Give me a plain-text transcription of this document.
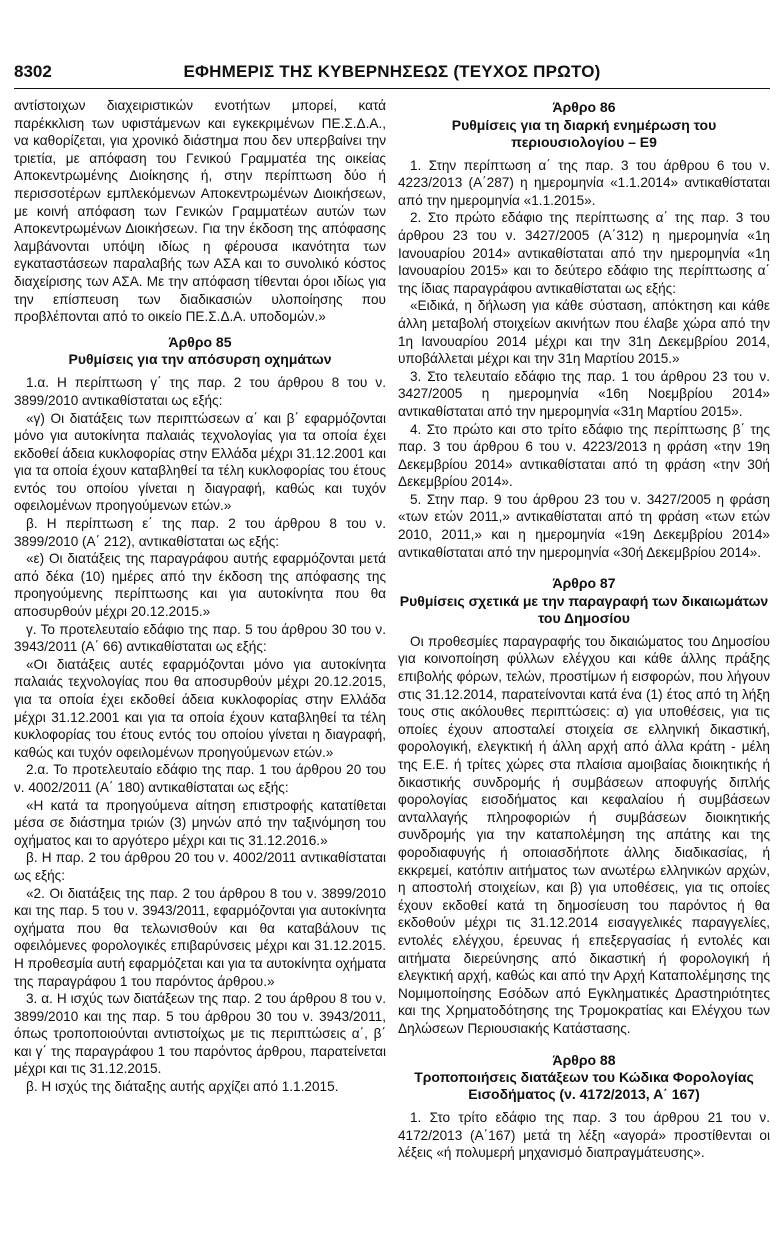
8302	ΕΦΗΜΕΡΙΣ ΤΗΣ ΚΥΒΕΡΝΗΣΕΩΣ (ΤΕΥΧΟΣ ΠΡΩΤΟ)

αντίστοιχων διαχειριστικών ενοτήτων μπορεί, κατά παρέκκλιση των υφιστάμενων και εγκεκριμένων ΠΕ.Σ.Δ.Α., να καθορίζεται, για χρονικό διάστημα που δεν υπερβαίνει την τριετία, με απόφαση του Γενικού Γραμματέα της οικείας Αποκεντρωμένης Διοίκησης ή, στην περίπτωση δύο ή περισσοτέρων εμπλεκόμενων Αποκεντρωμένων Διοικήσεων, με κοινή απόφαση των Γενικών Γραμματέων αυτών των Αποκεντρωμένων Διοικήσεων. Για την έκδοση της απόφασης λαμβάνονται υπόψη ιδίως η φέρουσα ικανότητα των εγκαταστάσεων παραλαβής των ΑΣΑ και το συνολικό κόστος διαχείρισης των ΑΣΑ. Με την απόφαση τίθενται όροι ιδίως για την επίσπευση των διαδικασιών υλοποίησης που προβλέπονται από το οικείο ΠΕ.Σ.Δ.Α. υποδομών.»

Άρθρο 85
Ρυθμίσεις για την απόσυρση οχημάτων

1.α. Η περίπτωση γ΄ της παρ. 2 του άρθρου 8 του ν. 3899/2010 αντικαθίσταται ως εξής:

«γ) Οι διατάξεις των περιπτώσεων α΄ και β΄ εφαρμόζονται μόνο για αυτοκίνητα παλαιάς τεχνολογίας για τα οποία έχει εκδοθεί άδεια κυκλοφορίας στην Ελλάδα μέχρι 31.12.2001 και για τα οποία έχουν καταβληθεί τα τέλη κυκλοφορίας του έτους εντός του οποίου γίνεται η διαγραφή, καθώς και τυχόν οφειλομένων προηγούμενων ετών.»

β. Η περίπτωση ε΄ της παρ. 2 του άρθρου 8 του ν. 3899/2010 (Α΄ 212), αντικαθίσταται ως εξής:

«ε) Οι διατάξεις της παραγράφου αυτής εφαρμόζονται μετά από δέκα (10) ημέρες από την έκδοση της απόφασης της προηγούμενης περίπτωσης και για αυτοκίνητα που θα αποσυρθούν μέχρι 20.12.2015.»

γ. Το προτελευταίο εδάφιο της παρ. 5 του άρθρου 30 του ν. 3943/2011 (Α΄ 66) αντικαθίσταται ως εξής:

«Οι διατάξεις αυτές εφαρμόζονται μόνο για αυτοκίνητα παλαιάς τεχνολογίας που θα αποσυρθούν μέχρι 20.12.2015, για τα οποία έχει εκδοθεί άδεια κυκλοφορίας στην Ελλάδα μέχρι 31.12.2001 και για τα οποία έχουν καταβληθεί τα τέλη κυκλοφορίας του έτους εντός του οποίου γίνεται η διαγραφή, καθώς και τυχόν οφειλομένων προηγούμενων ετών.»

2.α. Το προτελευταίο εδάφιο της παρ. 1 του άρθρου 20 του ν. 4002/2011 (Α΄ 180) αντικαθίσταται ως εξής:

«Η κατά τα προηγούμενα αίτηση επιστροφής κατατίθεται μέσα σε διάστημα τριών (3) μηνών από την ταξινόμηση του οχήματος και το αργότερο μέχρι και τις 31.12.2016.»

β. Η παρ. 2 του άρθρου 20 του ν. 4002/2011 αντικαθίσταται ως εξής:

«2. Οι διατάξεις της παρ. 2 του άρθρου 8 του ν. 3899/2010 και της παρ. 5 του ν. 3943/2011, εφαρμόζονται για αυτοκίνητα οχήματα που θα τελωνισθούν και θα καταβάλουν τις οφειλόμενες φορολογικές επιβαρύνσεις μέχρι και 31.12.2015. Η προθεσμία αυτή εφαρμόζεται και για τα αυτοκίνητα οχήματα της παραγράφου 1 του παρόντος άρθρου.»

3. α. Η ισχύς των διατάξεων της παρ. 2 του άρθρου 8 του ν. 3899/2010 και της παρ. 5 του άρθρου 30 του ν. 3943/2011, όπως τροποποιούνται αντιστοίχως με τις περιπτώσεις α΄, β΄ και γ΄ της παραγράφου 1 του παρόντος άρθρου, παρατείνεται μέχρι και τις 31.12.2015.

β. Η ισχύς της διάταξης αυτής αρχίζει από 1.1.2015.

Άρθρο 86
Ρυθμίσεις για τη διαρκή ενημέρωση του περιουσιολογίου – Ε9

1. Στην περίπτωση α΄ της παρ. 3 του άρθρου 6 του ν. 4223/2013 (Α΄287) η ημερομηνία «1.1.2014» αντικαθίσταται από την ημερομηνία «1.1.2015».

2. Στο πρώτο εδάφιο της περίπτωσης α΄ της παρ. 3 του άρθρου 23 του ν. 3427/2005 (Α΄312) η ημερομηνία «1η Ιανουαρίου 2014» αντικαθίσταται από την ημερομηνία «1η Ιανουαρίου 2015» και το δεύτερο εδάφιο της περίπτωσης α΄ της ίδιας παραγράφου αντικαθίσταται ως εξής:

«Ειδικά, η δήλωση για κάθε σύσταση, απόκτηση και κάθε άλλη μεταβολή στοιχείων ακινήτων που έλαβε χώρα από την 1η Ιανουαρίου 2014 μέχρι και την 31η Δεκεμβρίου 2014, υποβάλλεται μέχρι και την 31η Μαρτίου 2015.»

3. Στο τελευταίο εδάφιο της παρ. 1 του άρθρου 23 του ν. 3427/2005 η ημερομηνία «16η Νοεμβρίου 2014» αντικαθίσταται από την ημερομηνία «31η Μαρτίου 2015».

4. Στο πρώτο και στο τρίτο εδάφιο της περίπτωσης β΄ της παρ. 3 του άρθρου 6 του ν. 4223/2013 η φράση «την 19η Δεκεμβρίου 2014» αντικαθίσταται από τη φράση «την 30ή Δεκεμβρίου 2014».

5. Στην παρ. 9 του άρθρου 23 του ν. 3427/2005 η φράση «των ετών 2011,» αντικαθίσταται από τη φράση «των ετών 2010, 2011,» και η ημερομηνία «19η Δεκεμβρίου 2014» αντικαθίσταται από την ημερομηνία «30ή Δεκεμβρίου 2014».

Άρθρο 87
Ρυθμίσεις σχετικά με την παραγραφή των δικαιωμάτων του Δημοσίου

Οι προθεσμίες παραγραφής του δικαιώματος του Δημοσίου για κοινοποίηση φύλλων ελέγχου και κάθε άλλης πράξης επιβολής φόρων, τελών, προστίμων ή εισφορών, που λήγουν στις 31.12.2014, παρατείνονται κατά ένα (1) έτος από τη λήξη τους στις ακόλουθες περιπτώσεις: α) για υποθέσεις, για τις οποίες έχουν αποσταλεί στοιχεία σε ελληνική δικαστική, φορολογική, ελεγκτική ή άλλη αρχή από άλλα κράτη - μέλη της Ε.Ε. ή τρίτες χώρες στα πλαίσια αμοιβαίας διοικητικής ή δικαστικής συνδρομής ή συμβάσεων αποφυγής διπλής φορολογίας εισοδήματος και κεφαλαίου ή συμβάσεων ανταλλαγής πληροφοριών ή συμβάσεων διοικητικής συνδρομής για την καταπολέμηση της απάτης και της φοροδιαφυγής ή οποιασδήποτε άλλης διαδικασίας, ή εκκρεμεί, κατόπιν αιτήματος των ανωτέρω ελληνικών αρχών, η αποστολή στοιχείων, και β) για υποθέσεις, για τις οποίες έχουν εκδοθεί κατά τη δημοσίευση του παρόντος ή θα εκδοθούν μέχρι τις 31.12.2014 εισαγγελικές παραγγελίες, εντολές ελέγχου, έρευνας ή επεξεργασίας ή εντολές και αιτήματα διερεύνησης από δικαστική ή φορολογική ή ελεγκτική αρχή, καθώς και από την Αρχή Καταπολέμησης της Νομιμοποίησης Εσόδων από Εγκληματικές Δραστηριότητες και της Χρηματοδότησης της Τρομοκρατίας και Ελέγχου των Δηλώσεων Περιουσιακής Κατάστασης.

Άρθρο 88
Τροποποιήσεις διατάξεων του Κώδικα Φορολογίας Εισοδήματος (ν. 4172/2013, Α΄ 167)

1. Στο τρίτο εδάφιο της παρ. 3 του άρθρου 21 του ν. 4172/2013 (Α΄167) μετά τη λέξη «αγορά» προστίθενται οι λέξεις «ή πολυμερή μηχανισμό διαπραγμάτευσης».
